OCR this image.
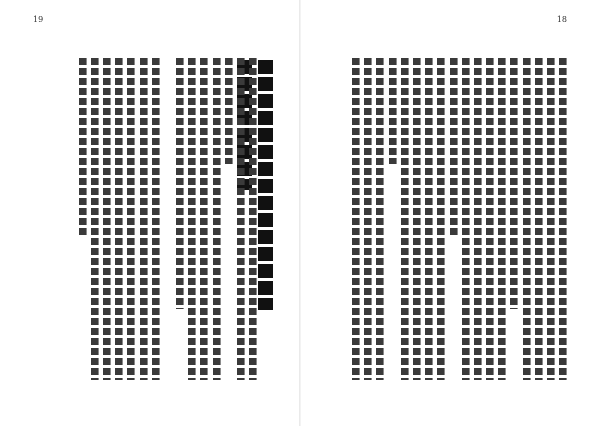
19	18
